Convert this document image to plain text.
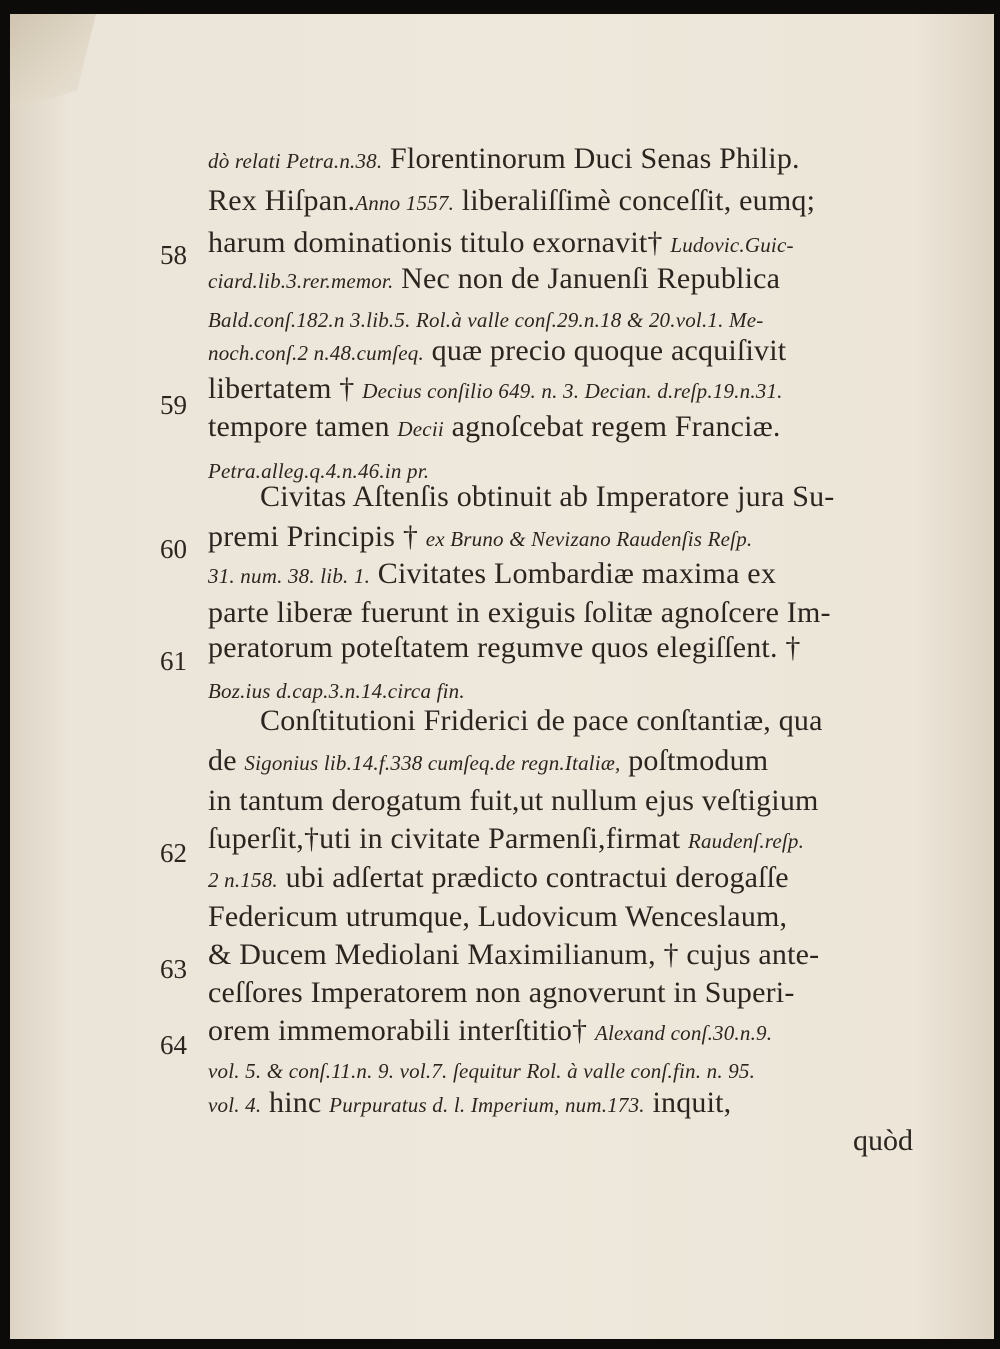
dò relati Petra.n.38. Florentinorum Duci Senas Philip.
Rex Hiſpan.Anno 1557. liberaliſſimè conceſſit, eumq;
58 harum dominationis titulo exornavit† Ludovic.Guic-
ciard.lib.3.rer.memor. Nec non de Januenſi Republica
Bald.conſ.182.n 3.lib.5. Rol.à valle conſ.29.n.18 & 20.vol.1. Me-
noch.conſ.2 n.48.cumſeq. quæ precio quoque acquiſivit
59 libertatem † Decius conſilio 649. n. 3. Decian. d.reſp.19.n.31.
tempore tamen Decii agnoſcebat regem Franciæ.
Petra.alleg.q.4.n.46.in pr.
Civitas Aſtenſis obtinuit ab Imperatore jura Su-
60 premi Principis † ex Bruno & Nevizano Raudenſis Reſp.
31. num. 38. lib. 1. Civitates Lombardiæ maxima ex
parte liberæ fuerunt in exiguis ſolitæ agnoſcere Im-
61 peratorum poteſtatem regumve quos elegiſſent. †
Boz.ius d.cap.3.n.14.circa fin.
Conſtitutioni Friderici de pace conſtantiæ, qua
de Sigonius lib.14.f.338 cumſeq.de regn.Italiæ, poſtmodum
in tantum derogatum fuit,ut nullum ejus veſtigium
62 ſuperſit,†uti in civitate Parmenſi,firmat Raudenſ.reſp.
2 n.158. ubi adſertat prædicto contractui derogaſſe
Federicum utrumque, Ludovicum Wenceslaum,
63 & Ducem Mediolani Maximilianum, † cujus ante-
ceſſores Imperatorem non agnoverunt in Superi-
64 orem immemorabili interſtitio† Alexand conſ.30.n.9.
vol. 5. & conſ.11.n. 9. vol.7. ſequitur Rol. à valle conſ.fin. n. 95.
vol. 4. hinc Purpuratus d. l. Imperium, num.173. inquit,
quòd
